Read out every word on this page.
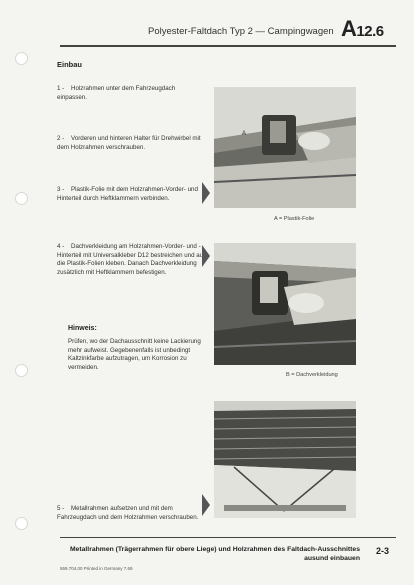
Polyester-Faltdach Typ 2 — Campingwagen A12.6
Einbau
1 - Holzrahmen unter dem Fahrzeugdach einpassen.
2 - Vorderen und hinteren Halter für Drehwirbel mit dem Holzrahmen verschrauben.
3 - Plastik-Folie mit dem Holzrahmen-Vorder- und Hinterteil durch Heftklammern verbinden.
4 - Dachverkleidung am Holzrahmen-Vorder- und -Hinterteil mit Universalkleber D12 bestreichen und auf die Plastik-Folien kleben. Danach Dachverkleidung zusätzlich mit Heftklammern befestigen.
5 - Metallrahmen aufsetzen und mit dem Fahrzeugdach und dem Holzrahmen verschrauben.
Hinweis:
Prüfen, wo der Dachausschnitt keine Lackierung mehr aufweist. Gegebenenfalls ist unbedingt Kaltzinkfarbe aufzutragen, um Korrosion zu vermeiden.
A
A = Plastik-Folie
B = Dachverkleidung
Metallrahmen (Trägerrahmen für obere Liege) und Holzrahmen des Faltdach-Ausschnittes ausund einbauen
2-3
559.704.00 Printed in Germany 7.69
